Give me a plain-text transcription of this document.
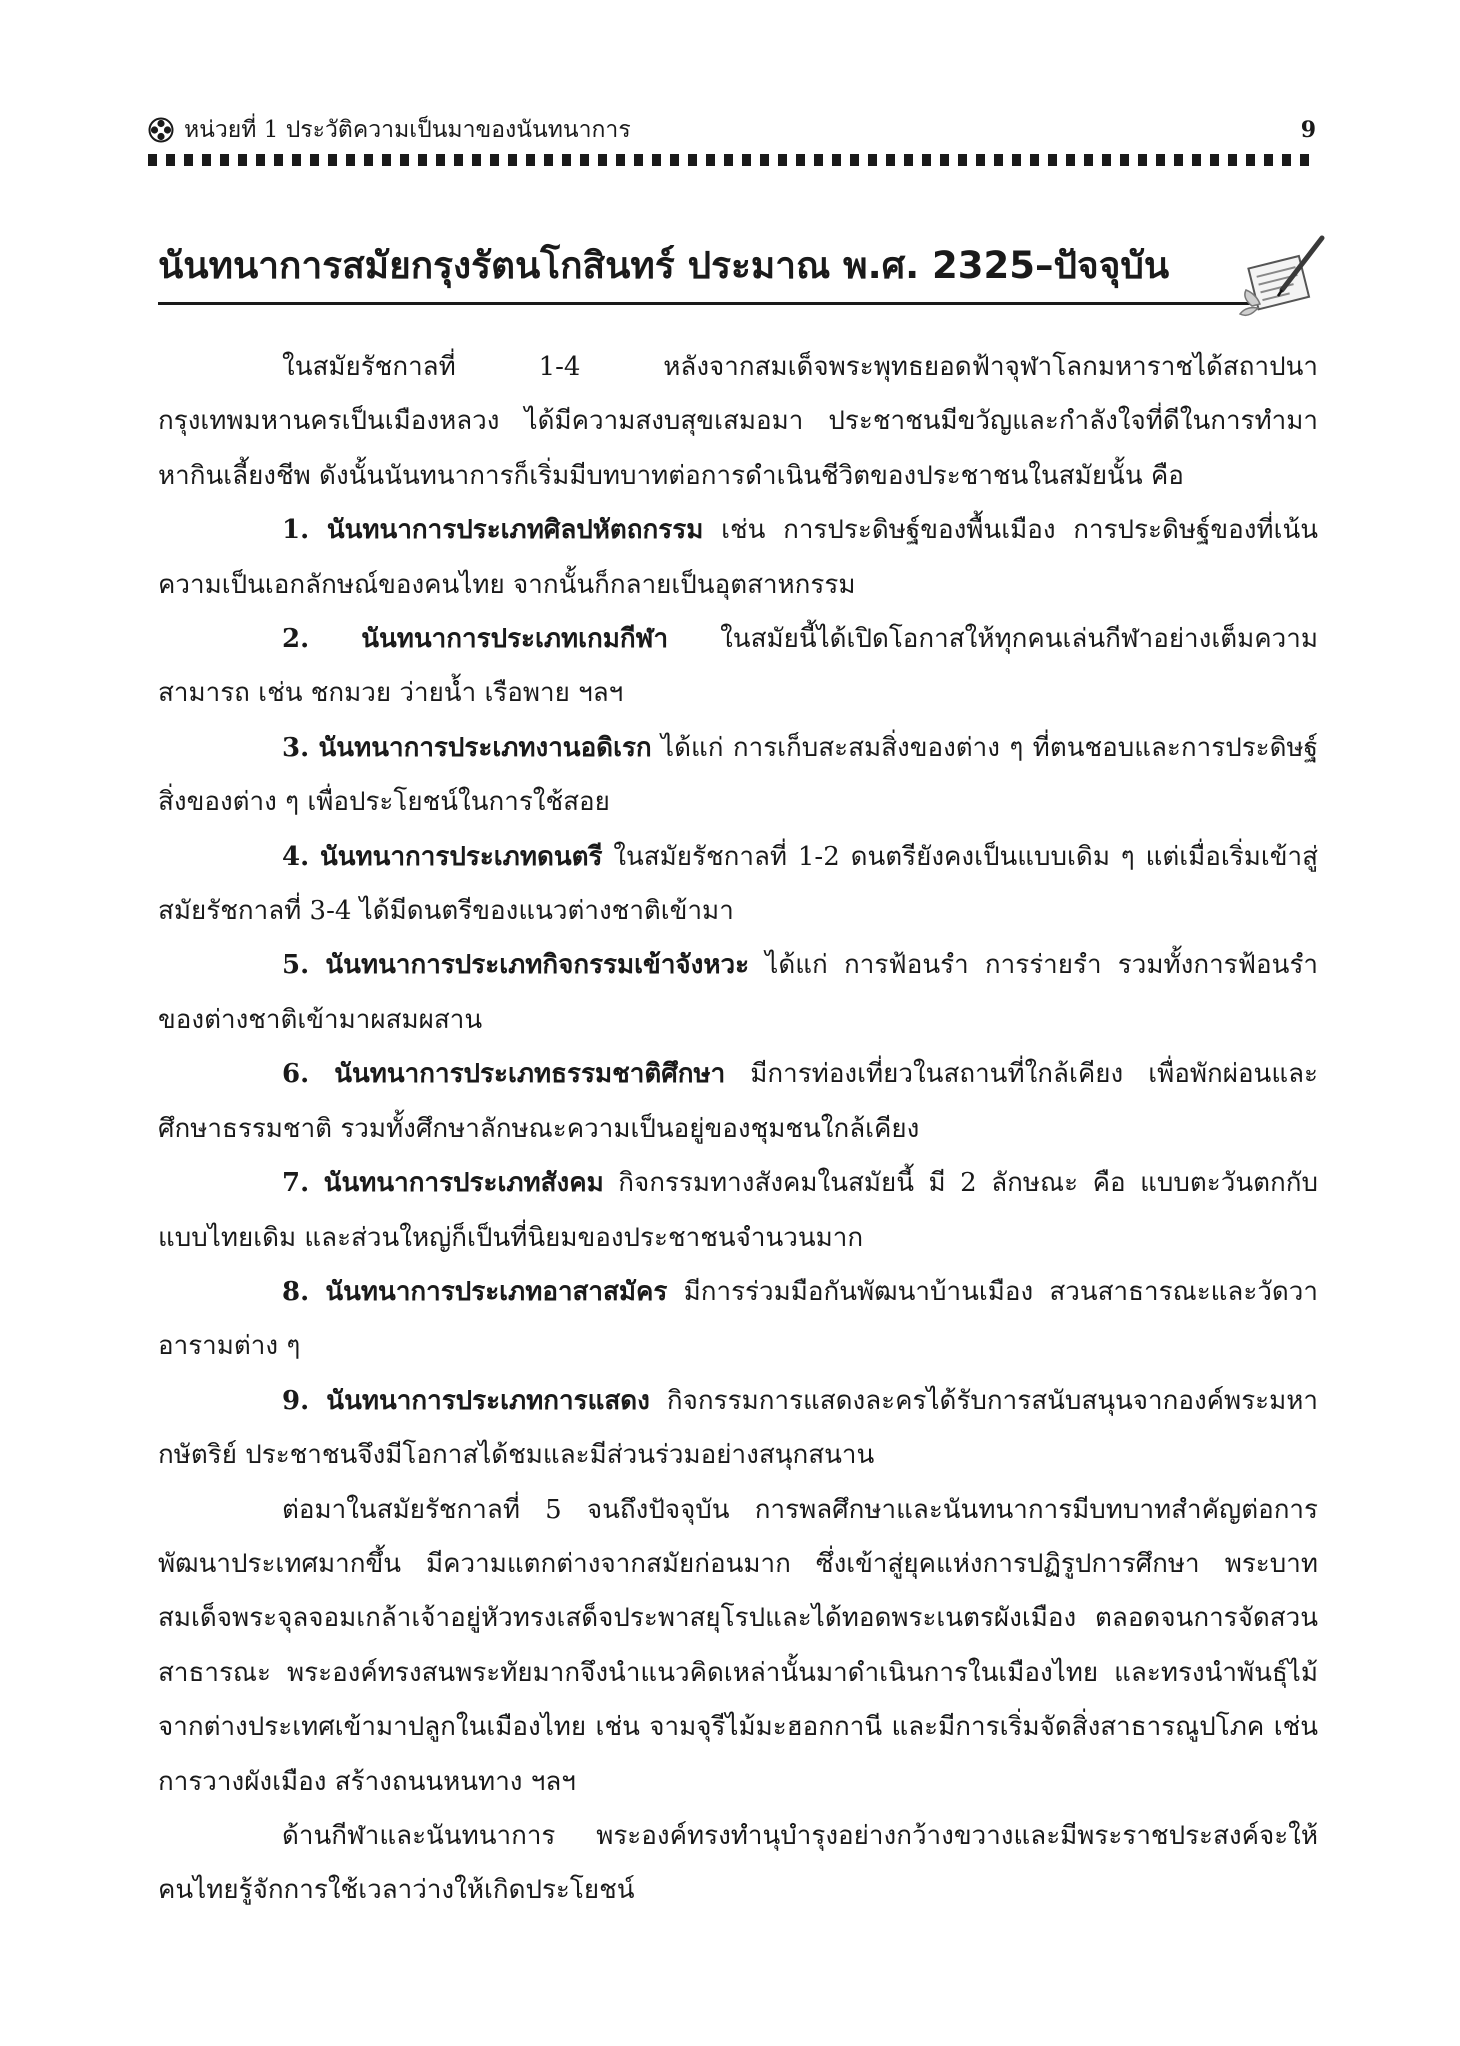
หน่วยที่ 1 ประวัติความเป็นมาของนันทนาการ	9
นันทนาการสมัยกรุงรัตนโกสินทร์ ประมาณ พ.ศ. 2325–ปัจจุบัน

ในสมัยรัชกาลที่ 1-4 หลังจากสมเด็จพระพุทธยอดฟ้าจุฬาโลกมหาราชได้สถาปนากรุงเทพมหานครเป็นเมืองหลวง ได้มีความสงบสุขเสมอมา ประชาชนมีขวัญและกำลังใจที่ดีในการทำมาหากินเลี้ยงชีพ ดังนั้นนันทนาการก็เริ่มมีบทบาทต่อการดำเนินชีวิตของประชาชนในสมัยนั้น คือ

1. นันทนาการประเภทศิลปหัตถกรรม เช่น การประดิษฐ์ของพื้นเมือง การประดิษฐ์ของที่เน้นความเป็นเอกลักษณ์ของคนไทย จากนั้นก็กลายเป็นอุตสาหกรรม

2. นันทนาการประเภทเกมกีฬา ในสมัยนี้ได้เปิดโอกาสให้ทุกคนเล่นกีฬาอย่างเต็มความสามารถ เช่น ชกมวย ว่ายน้ำ เรือพาย ฯลฯ

3. นันทนาการประเภทงานอดิเรก ได้แก่ การเก็บสะสมสิ่งของต่าง ๆ ที่ตนชอบและการประดิษฐ์สิ่งของต่าง ๆ เพื่อประโยชน์ในการใช้สอย

4. นันทนาการประเภทดนตรี ในสมัยรัชกาลที่ 1-2 ดนตรียังคงเป็นแบบเดิม ๆ แต่เมื่อเริ่มเข้าสู่สมัยรัชกาลที่ 3-4 ได้มีดนตรีของแนวต่างชาติเข้ามา

5. นันทนาการประเภทกิจกรรมเข้าจังหวะ ได้แก่ การฟ้อนรำ การร่ายรำ รวมทั้งการฟ้อนรำของต่างชาติเข้ามาผสมผสาน

6. นันทนาการประเภทธรรมชาติศึกษา มีการท่องเที่ยวในสถานที่ใกล้เคียง เพื่อพักผ่อนและศึกษาธรรมชาติ รวมทั้งศึกษาลักษณะความเป็นอยู่ของชุมชนใกล้เคียง

7. นันทนาการประเภทสังคม กิจกรรมทางสังคมในสมัยนี้ มี 2 ลักษณะ คือ แบบตะวันตกกับแบบไทยเดิม และส่วนใหญ่ก็เป็นที่นิยมของประชาชนจำนวนมาก

8. นันทนาการประเภทอาสาสมัคร มีการร่วมมือกันพัฒนาบ้านเมือง สวนสาธารณะและวัดวาอารามต่าง ๆ

9. นันทนาการประเภทการแสดง กิจกรรมการแสดงละครได้รับการสนับสนุนจากองค์พระมหากษัตริย์ ประชาชนจึงมีโอกาสได้ชมและมีส่วนร่วมอย่างสนุกสนาน

ต่อมาในสมัยรัชกาลที่ 5 จนถึงปัจจุบัน การพลศึกษาและนันทนาการมีบทบาทสำคัญต่อการพัฒนาประเทศมากขึ้น มีความแตกต่างจากสมัยก่อนมาก ซึ่งเข้าสู่ยุคแห่งการปฏิรูปการศึกษา พระบาทสมเด็จพระจุลจอมเกล้าเจ้าอยู่หัวทรงเสด็จประพาสยุโรปและได้ทอดพระเนตรผังเมือง ตลอดจนการจัดสวนสาธารณะ พระองค์ทรงสนพระทัยมากจึงนำแนวคิดเหล่านั้นมาดำเนินการในเมืองไทย และทรงนำพันธุ์ไม้จากต่างประเทศเข้ามาปลูกในเมืองไทย เช่น จามจุรีไม้มะฮอกกานี และมีการเริ่มจัดสิ่งสาธารณูปโภค เช่น การวางผังเมือง สร้างถนนหนทาง ฯลฯ

ด้านกีฬาและนันทนาการ พระองค์ทรงทำนุบำรุงอย่างกว้างขวางและมีพระราชประสงค์จะให้คนไทยรู้จักการใช้เวลาว่างให้เกิดประโยชน์
